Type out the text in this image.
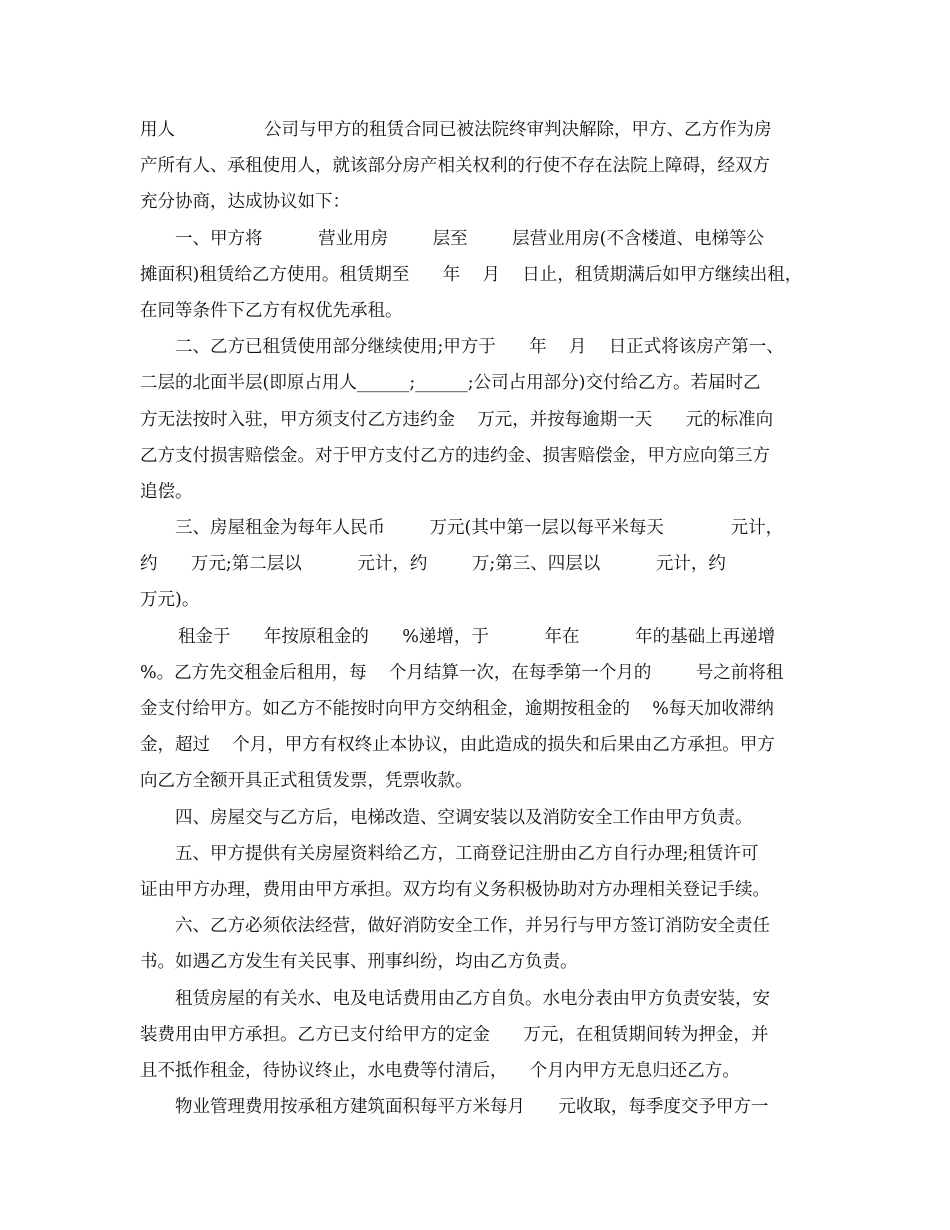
用人                公司与甲方的租赁合同已被法院终审判决解除，甲方、乙方作为房
产所有人、承租使用人，就该部分房产相关权利的行使不存在法院上障碍，经双方
充分协商，达成协议如下：
一、甲方将          营业用房        层至        层营业用房(不含楼道、电梯等公
摊面积)租赁给乙方使用。租赁期至      年    月    日止，租赁期满后如甲方继续出租，
在同等条件下乙方有权优先承租。
二、乙方已租赁使用部分继续使用;甲方于      年    月    日正式将该房产第一、
二层的北面半层(即原占用人______;______;公司占用部分)交付给乙方。若届时乙
方无法按时入驻，甲方须支付乙方违约金    万元，并按每逾期一天      元的标准向
乙方支付损害赔偿金。对于甲方支付乙方的违约金、损害赔偿金，甲方应向第三方
追偿。
三、房屋租金为每年人民币        万元(其中第一层以每平米每天            元计，
约      万元;第二层以          元计，约        万;第三、四层以          元计，约
万元)。
租金于      年按原租金的      %递增，于          年在          年的基础上再递增
%。乙方先交租金后租用，每    个月结算一次，在每季第一个月的        号之前将租
金支付给甲方。如乙方不能按时向甲方交纳租金，逾期按租金的    %每天加收滞纳
金，超过    个月，甲方有权终止本协议，由此造成的损失和后果由乙方承担。甲方
向乙方全额开具正式租赁发票，凭票收款。
四、房屋交与乙方后，电梯改造、空调安装以及消防安全工作由甲方负责。
五、甲方提供有关房屋资料给乙方，工商登记注册由乙方自行办理;租赁许可
证由甲方办理，费用由甲方承担。双方均有义务积极协助对方办理相关登记手续。
六、乙方必须依法经营，做好消防安全工作，并另行与甲方签订消防安全责任
书。如遇乙方发生有关民事、刑事纠纷，均由乙方负责。
租赁房屋的有关水、电及电话费用由乙方自负。水电分表由甲方负责安装，安
装费用由甲方承担。乙方已支付给甲方的定金      万元，在租赁期间转为押金，并
且不抵作租金，待协议终止，水电费等付清后，    个月内甲方无息归还乙方。
物业管理费用按承租方建筑面积每平方米每月      元收取，每季度交予甲方一
